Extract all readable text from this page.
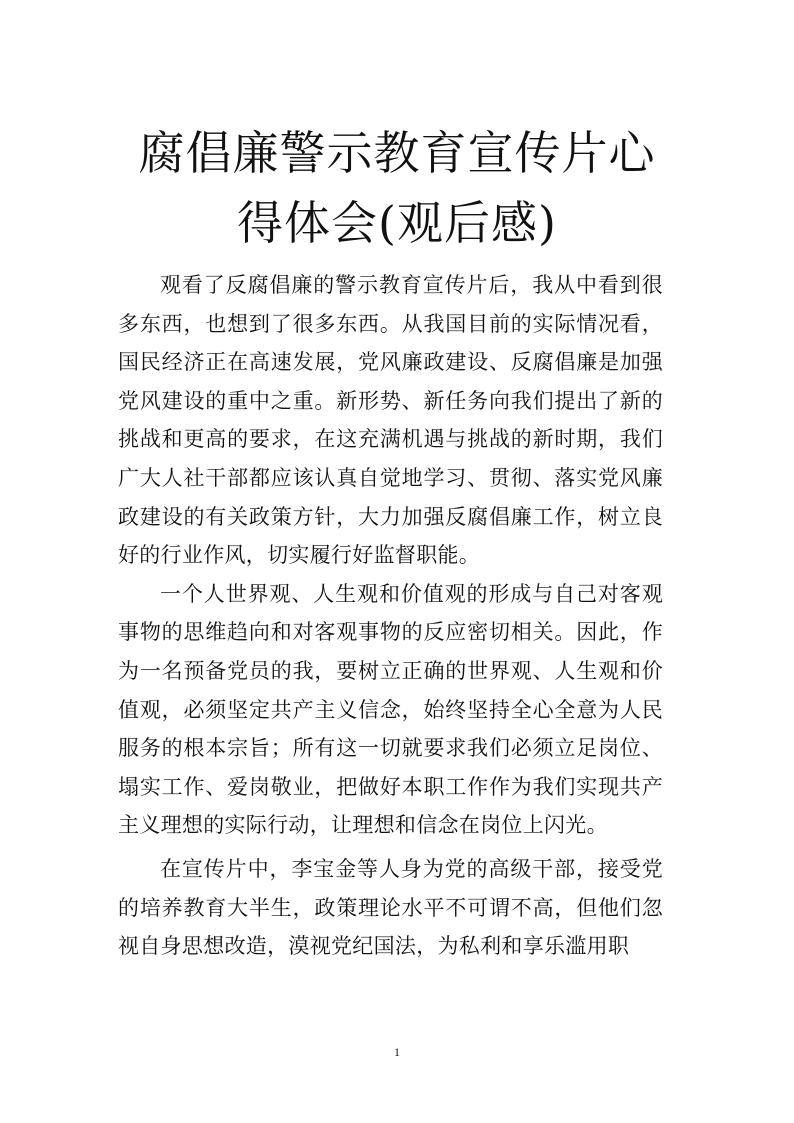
腐倡廉警示教育宣传片心
得体会(观后感)

观看了反腐倡廉的警示教育宣传片后，我从中看到很多东西，也想到了很多东西。从我国目前的实际情况看，国民经济正在高速发展，党风廉政建设、反腐倡廉是加强党风建设的重中之重。新形势、新任务向我们提出了新的挑战和更高的要求，在这充满机遇与挑战的新时期，我们广大人社干部都应该认真自觉地学习、贯彻、落实党风廉政建设的有关政策方针，大力加强反腐倡廉工作，树立良好的行业作风，切实履行好监督职能。

一个人世界观、人生观和价值观的形成与自己对客观事物的思维趋向和对客观事物的反应密切相关。因此，作为一名预备党员的我，要树立正确的世界观、人生观和价值观，必须坚定共产主义信念，始终坚持全心全意为人民服务的根本宗旨；所有这一切就要求我们必须立足岗位、塌实工作、爱岗敬业，把做好本职工作作为我们实现共产主义理想的实际行动，让理想和信念在岗位上闪光。

在宣传片中，李宝金等人身为党的高级干部，接受党的培养教育大半生，政策理论水平不可谓不高，但他们忽视自身思想改造，漠视党纪国法，为私利和享乐滥用职

1
